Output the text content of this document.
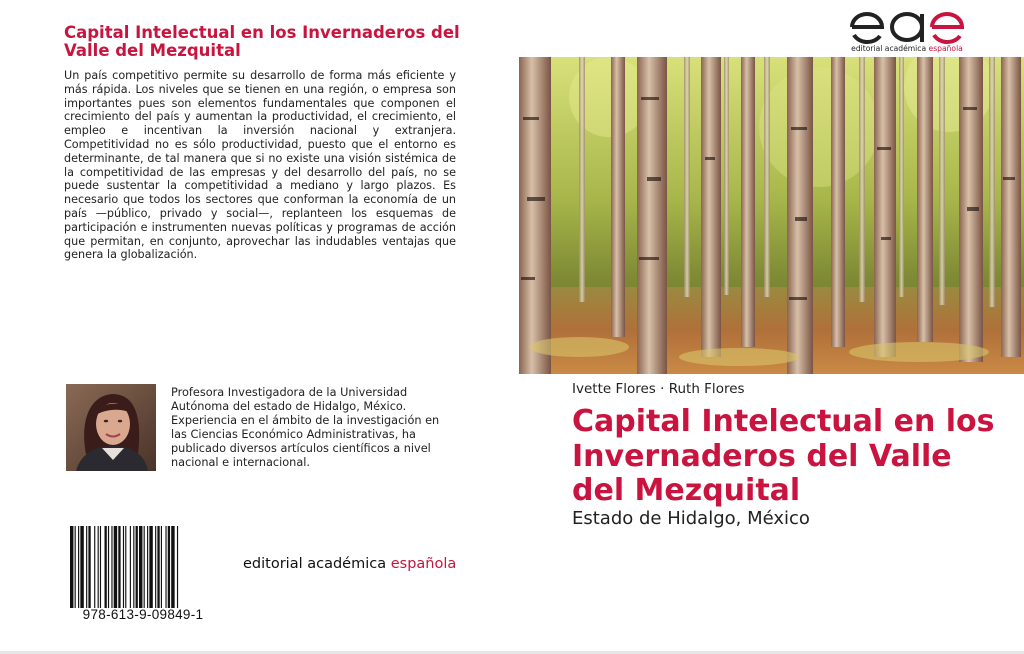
Capital Intelectual en los Invernaderos del Valle del Mezquital

Un país competitivo permite su desarrollo de forma más eficiente y más rápida. Los niveles que se tienen en una región, o empresa son importantes pues son elementos fundamentales que componen el crecimiento del país y aumentan la productividad, el crecimiento, el empleo e incentivan la inversión nacional y extranjera. Competitividad no es sólo productividad, puesto que el entorno es determinante, de tal manera que si no existe una visión sistémica de la competitividad de las empresas y del desarrollo del país, no se puede sustentar la competitividad a mediano y largo plazos. Es necesario que todos los sectores que conforman la economía de un país —público, privado y social—, replanteen los esquemas de participación e instrumenten nuevas políticas y programas de acción que permitan, en conjunto, aprovechar las indudables ventajas que genera la globalización.

Profesora Investigadora de la Universidad Autónoma del estado de Hidalgo, México. Experiencia en el ámbito de la investigación en las Ciencias Económico Administrativas, ha publicado diversos artículos científicos a nivel nacional e internacional.

978-613-9-09849-1
editorial académica española
editorial académica española
Ivette Flores · Ruth Flores
Capital Intelectual en los Invernaderos del Valle del Mezquital
Estado de Hidalgo, México
